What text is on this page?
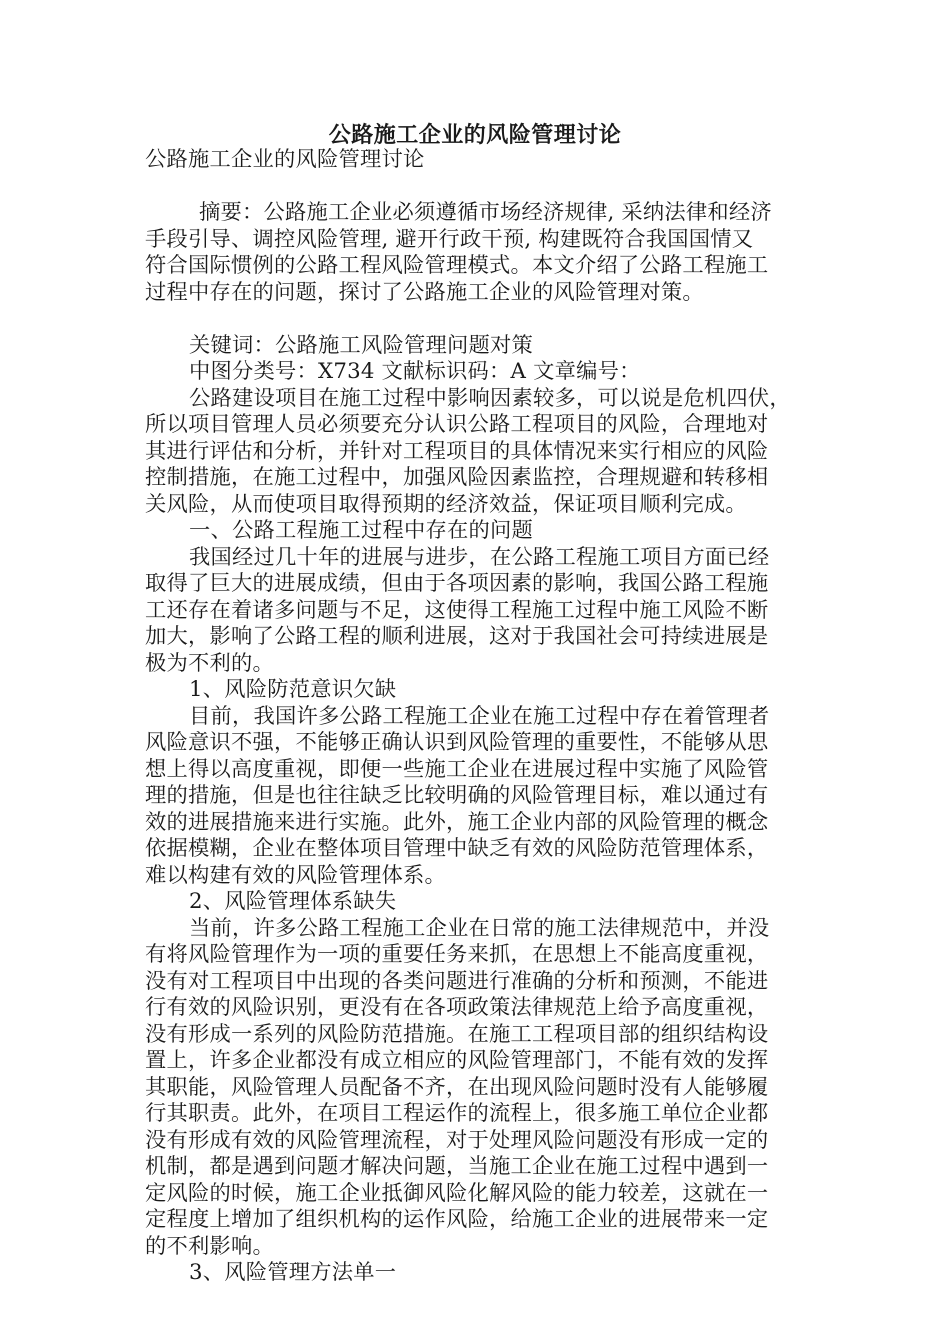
公路施工企业的风险管理讨论
公路施工企业的风险管理讨论
摘要：公路施工企业必须遵循市场经济规律, 采纳法律和经济
手段引导、调控风险管理, 避开行政干预, 构建既符合我国国情又
符合国际惯例的公路工程风险管理模式。本文介绍了公路工程施工
过程中存在的问题，探讨了公路施工企业的风险管理对策。
关键词：公路施工风险管理问题对策
中图分类号：X734 文献标识码：A 文章编号：
公路建设项目在施工过程中影响因素较多，可以说是危机四伏，
所以项目管理人员必须要充分认识公路工程项目的风险，合理地对
其进行评估和分析，并针对工程项目的具体情况来实行相应的风险
控制措施，在施工过程中，加强风险因素监控，合理规避和转移相
关风险，从而使项目取得预期的经济效益，保证项目顺利完成。
一、公路工程施工过程中存在的问题
我国经过几十年的进展与进步，在公路工程施工项目方面已经
取得了巨大的进展成绩，但由于各项因素的影响，我国公路工程施
工还存在着诸多问题与不足，这使得工程施工过程中施工风险不断
加大，影响了公路工程的顺利进展，这对于我国社会可持续进展是
极为不利的。
1、风险防范意识欠缺
目前，我国许多公路工程施工企业在施工过程中存在着管理者
风险意识不强，不能够正确认识到风险管理的重要性，不能够从思
想上得以高度重视，即便一些施工企业在进展过程中实施了风险管
理的措施，但是也往往缺乏比较明确的风险管理目标，难以通过有
效的进展措施来进行实施。此外，施工企业内部的风险管理的概念
依据模糊，企业在整体项目管理中缺乏有效的风险防范管理体系，
难以构建有效的风险管理体系。
2、风险管理体系缺失
当前，许多公路工程施工企业在日常的施工法律规范中，并没
有将风险管理作为一项的重要任务来抓，在思想上不能高度重视，
没有对工程项目中出现的各类问题进行准确的分析和预测，不能进
行有效的风险识别，更没有在各项政策法律规范上给予高度重视，
没有形成一系列的风险防范措施。在施工工程项目部的组织结构设
置上，许多企业都没有成立相应的风险管理部门，不能有效的发挥
其职能，风险管理人员配备不齐，在出现风险问题时没有人能够履
行其职责。此外，在项目工程运作的流程上，很多施工单位企业都
没有形成有效的风险管理流程，对于处理风险问题没有形成一定的
机制，都是遇到问题才解决问题，当施工企业在施工过程中遇到一
定风险的时候，施工企业抵御风险化解风险的能力较差，这就在一
定程度上增加了组织机构的运作风险，给施工企业的进展带来一定
的不利影响。
3、风险管理方法单一
